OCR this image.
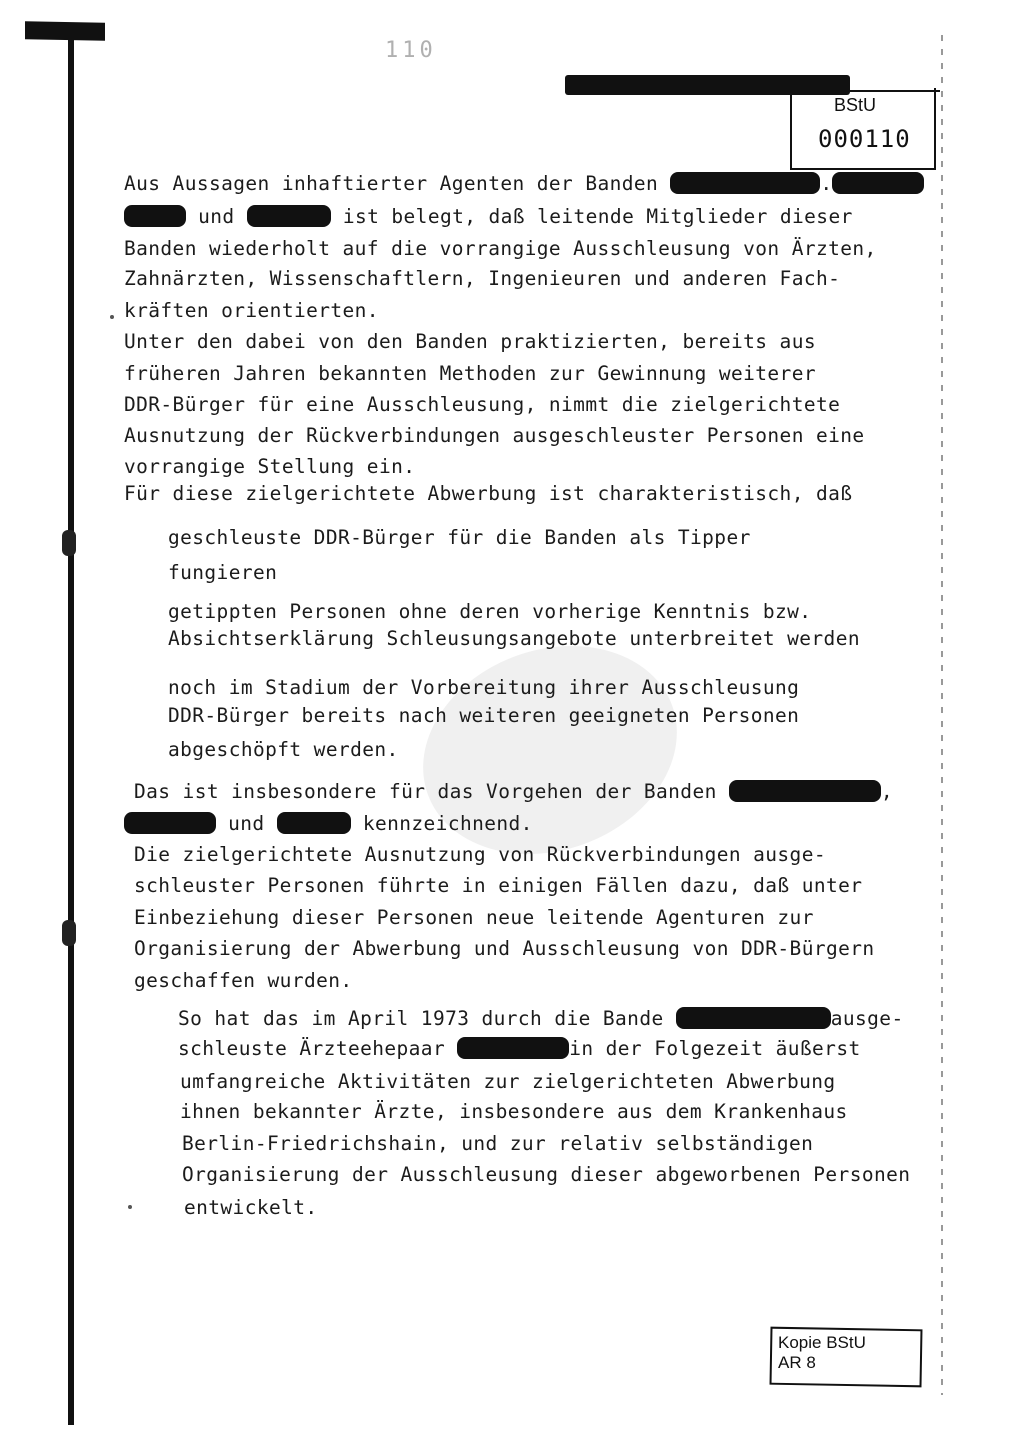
110
BStU
000110
Aus Aussagen inhaftierter Agenten der Banden	.
und	ist belegt, daß leitende Mitglieder dieser
Banden wiederholt auf die vorrangige Ausschleusung von Ärzten,
Zahnärzten, Wissenschaftlern, Ingenieuren und anderen Fach-
kräften orientierten.
Unter den dabei von den Banden praktizierten, bereits aus
früheren Jahren bekannten Methoden zur Gewinnung weiterer
DDR-Bürger für eine Ausschleusung, nimmt die zielgerichtete
Ausnutzung der Rückverbindungen ausgeschleuster Personen eine
vorrangige Stellung ein.
Für diese zielgerichtete Abwerbung ist charakteristisch, daß
geschleuste DDR-Bürger für die Banden als Tipper
fungieren
getippten Personen ohne deren vorherige Kenntnis bzw.
Absichtserklärung Schleusungsangebote unterbreitet werden
noch im Stadium der Vorbereitung ihrer Ausschleusung
DDR-Bürger bereits nach weiteren geeigneten Personen
abgeschöpft werden.
Das ist insbesondere für das Vorgehen der Banden	,
und	kennzeichnend.
Die zielgerichtete Ausnutzung von Rückverbindungen ausge-
schleuster Personen führte in einigen Fällen dazu, daß unter
Einbeziehung dieser Personen neue leitende Agenturen zur
Organisierung der Abwerbung und Ausschleusung von DDR-Bürgern
geschaffen wurden.
So hat das im April 1973 durch die Bande	ausge-
schleuste Ärzteehepaar	in der Folgezeit äußerst
umfangreiche Aktivitäten zur zielgerichteten Abwerbung
ihnen bekannter Ärzte, insbesondere aus dem Krankenhaus
Berlin-Friedrichshain, und zur relativ selbständigen
Organisierung der Ausschleusung dieser abgeworbenen Personen
entwickelt.
Kopie BStU
AR 8
